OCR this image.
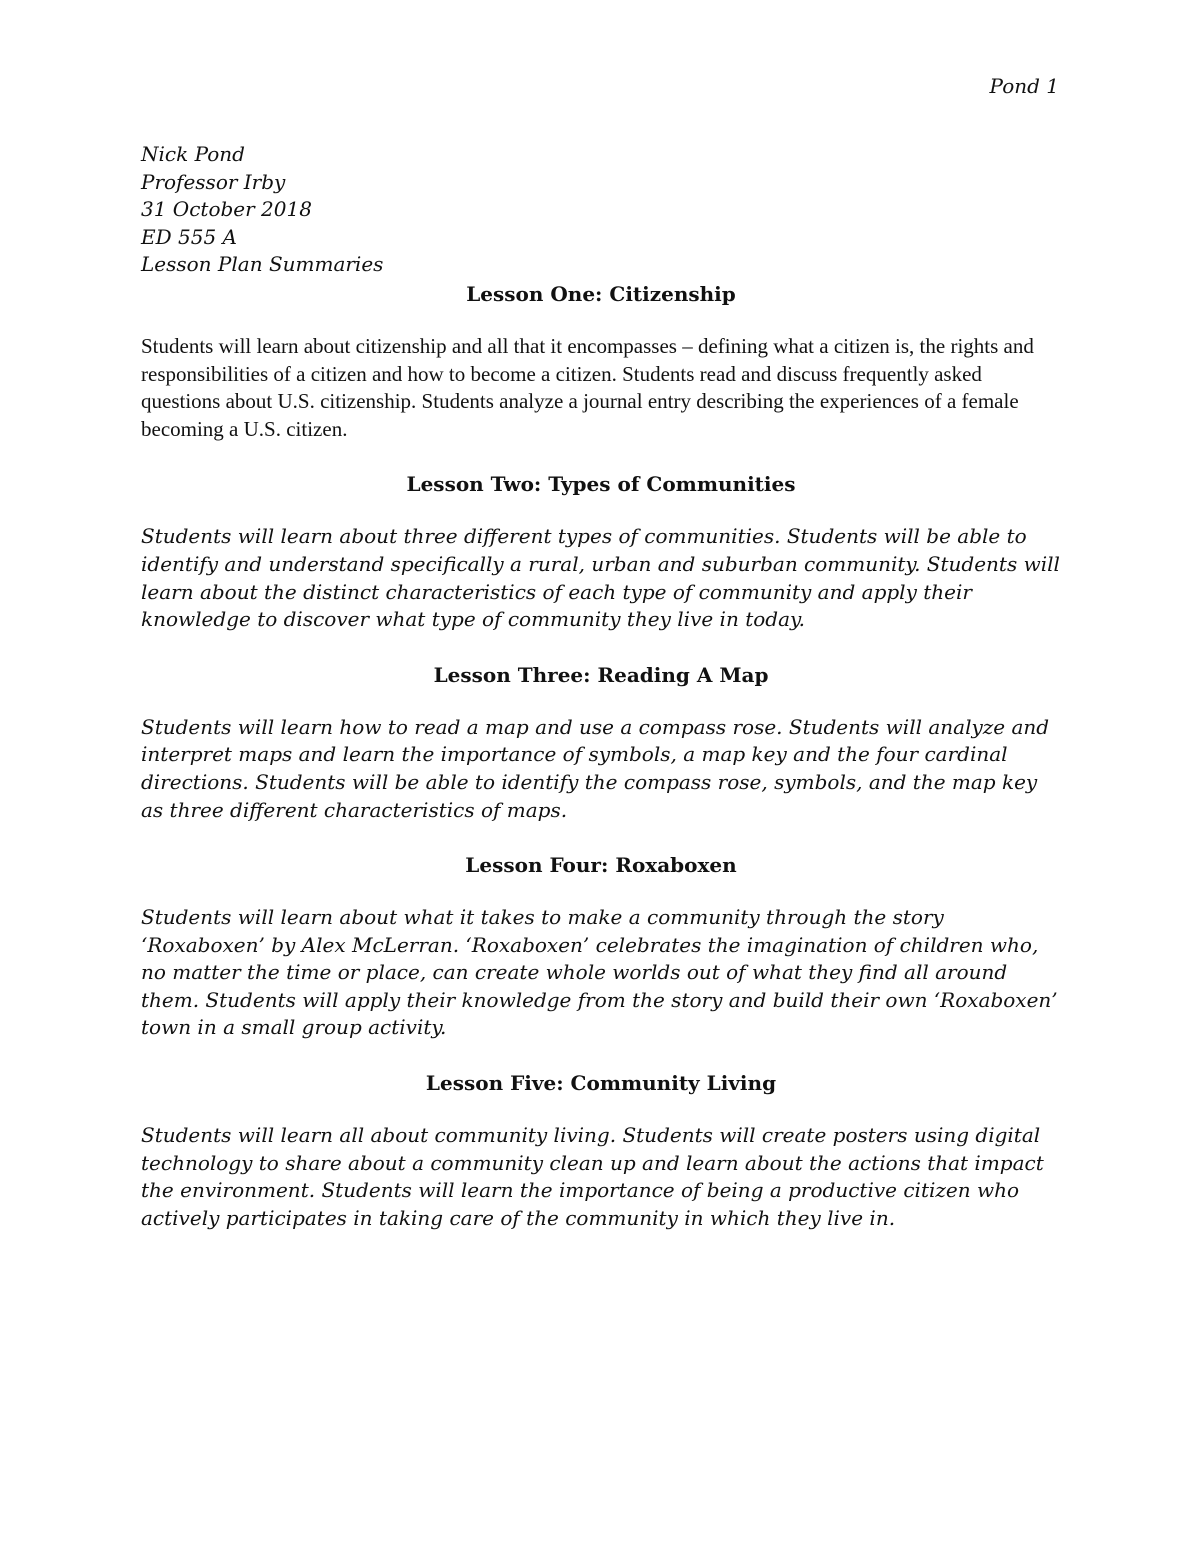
Pond 1
Nick Pond
Professor Irby
31 October 2018
ED 555 A
Lesson Plan Summaries
Lesson One: Citizenship

Students will learn about citizenship and all that it encompasses – defining what a citizen is, the rights and responsibilities of a citizen and how to become a citizen. Students read and discuss frequently asked questions about U.S. citizenship. Students analyze a journal entry describing the experiences of a female becoming a U.S. citizen.

Lesson Two: Types of Communities

Students will learn about three different types of communities. Students will be able to identify and understand specifically a rural, urban and suburban community. Students will learn about the distinct characteristics of each type of community and apply their knowledge to discover what type of community they live in today.

Lesson Three: Reading A Map

Students will learn how to read a map and use a compass rose. Students will analyze and interpret maps and learn the importance of symbols, a map key and the four cardinal directions. Students will be able to identify the compass rose, symbols, and the map key as three different characteristics of maps.

Lesson Four: Roxaboxen

Students will learn about what it takes to make a community through the story ‘Roxaboxen’ by Alex McLerran. ‘Roxaboxen’ celebrates the imagination of children who, no matter the time or place, can create whole worlds out of what they find all around them. Students will apply their knowledge from the story and build their own ‘Roxaboxen’ town in a small group activity.

Lesson Five: Community Living

Students will learn all about community living. Students will create posters using digital technology to share about a community clean up and learn about the actions that impact the environment. Students will learn the importance of being a productive citizen who actively participates in taking care of the community in which they live in.
